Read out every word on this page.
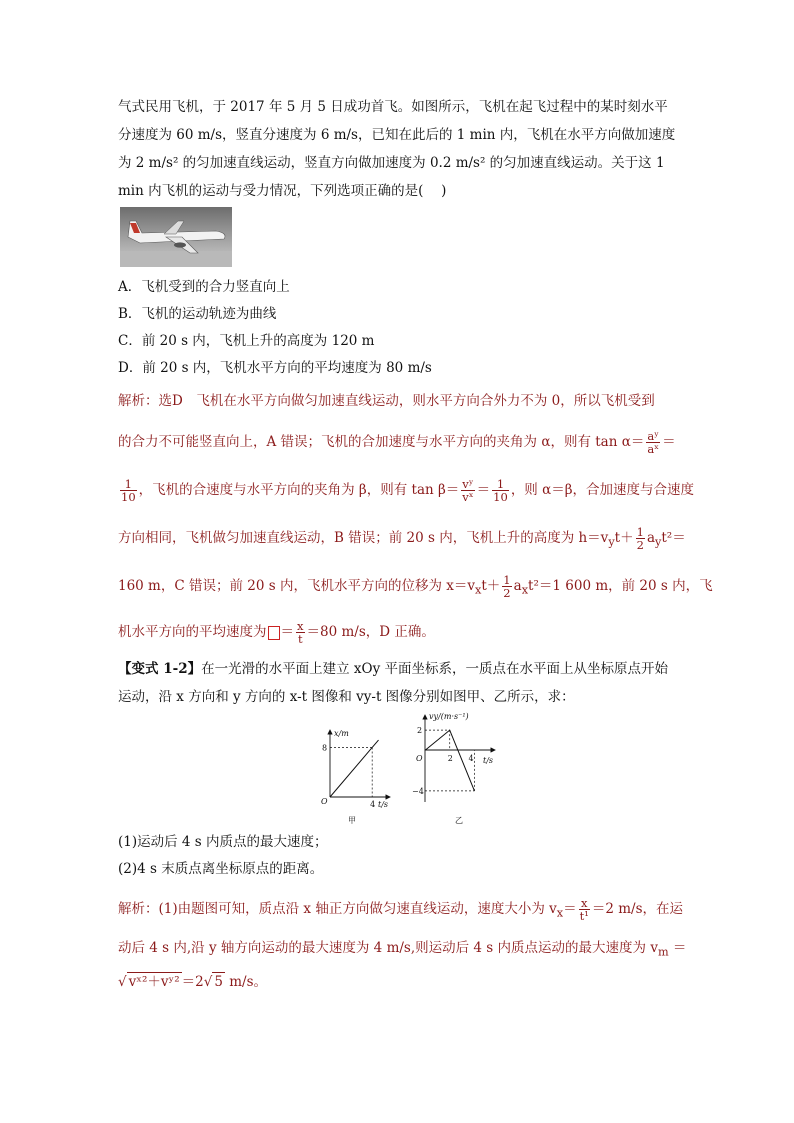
气式民用飞机，于 2017 年 5 月 5 日成功首飞。如图所示，飞机在起飞过程中的某时刻水平
分速度为 60 m/s，竖直分速度为 6 m/s，已知在此后的 1 min 内，飞机在水平方向做加速度
为 2 m/s² 的匀加速直线运动，竖直方向做加速度为 0.2 m/s² 的匀加速直线运动。关于这 1
min 内飞机的运动与受力情况，下列选项正确的是(　 )
A．飞机受到的合力竖直向上
B．飞机的运动轨迹为曲线
C．前 20 s 内，飞机上升的高度为 120 m
D．前 20 s 内，飞机水平方向的平均速度为 80 m/s
解析：选D　飞机在水平方向做匀加速直线运动，则水平方向合外力不为 0，所以飞机受到
的合力不可能竖直向上，A 错误；飞机的合加速度与水平方向的夹角为 α，则有 $\tan \alpha= \frac{\text{aʸ}}{\text{aˣ}}$ ＝
$\frac{1}{10}$ ，飞机的合速度与水平方向的夹角为 β，则有 $\tan \beta= \frac{\text{vʸ}}{\text{vˣ}} = \frac{1}{10}$ ，则 α＝β，合加速度与合速度
方向相同，飞机做匀加速直线运动，B 错误；前 20 s 内，飞机上升的高度为 $h=v_yt+ \frac{1}{2} a_yt^2=$
160 m，C 错误；前 20 s 内，飞机水平方向的位移为 $x=v_xt+ \frac{1}{2} a_xt^2=1$ 600 m，前 20 s 内，飞
机水平方向的平均速度为 ＝ $\frac{x}{t} =80$ m/s，D 正确。
【变式 1-2】在一光滑的水平面上建立 xOy 平面坐标系，一质点在水平面上从坐标原点开始
运动，沿 x 方向和 y 方向的 x-t 图像和 vy-t 图像分别如图甲、乙所示，求：
x/m
t/s
O
8
4
甲
vy/(m·s⁻¹)
t/s
O
2
−4
2 4
乙
(1)运动后 4 s 内质点的最大速度；
(2)4 s 末质点离坐标原点的距离。
解析：(1)由题图可知，质点沿 x 轴正方向做匀速直线运动，速度大小为 $v_x= \frac{x}{\text{t¹}} =2$ m/s，在运
动后 4 s 内,沿 y 轴方向运动的最大速度为 4 m/s,则运动后 4 s 内质点运动的最大速度为 $v_m$ ＝
√ vˣ²＋vʸ² ＝2√ 5 m/s。
